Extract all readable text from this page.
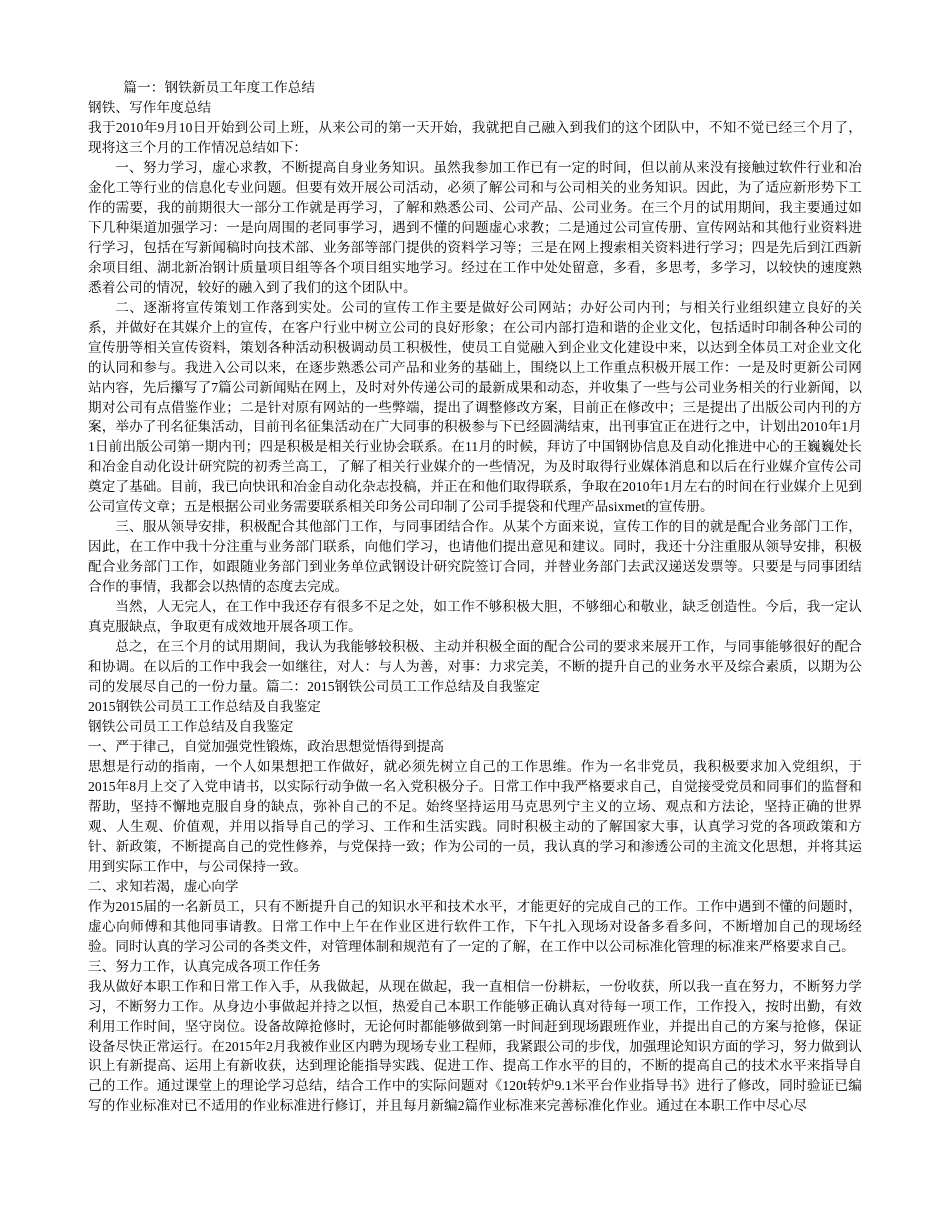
篇一：钢铁新员工年度工作总结

钢铁、写作年度总结

我于2010年9月10日开始到公司上班，从来公司的第一天开始，我就把自己融入到我们的这个团队中，不知不觉已经三个月了，现将这三个月的工作情况总结如下：

一、努力学习，虚心求教，不断提高自身业务知识。虽然我参加工作已有一定的时间，但以前从来没有接触过软件行业和冶金化工等行业的信息化专业问题。但要有效开展公司活动，必须了解公司和与公司相关的业务知识。因此，为了适应新形势下工作的需要，我的前期很大一部分工作就是再学习，了解和熟悉公司、公司产品、公司业务。在三个月的试用期间，我主要通过如下几种渠道加强学习：一是向周围的老同事学习，遇到不懂的问题虚心求教；二是通过公司宣传册、宣传网站和其他行业资料进行学习，包括在写新闻稿时向技术部、业务部等部门提供的资料学习等；三是在网上搜索相关资料进行学习；四是先后到江西新余项目组、湖北新冶钢计质量项目组等各个项目组实地学习。经过在工作中处处留意，多看，多思考，多学习，以较快的速度熟悉着公司的情况，较好的融入到了我们的这个团队中。

二、逐渐将宣传策划工作落到实处。公司的宣传工作主要是做好公司网站；办好公司内刊；与相关行业组织建立良好的关系，并做好在其媒介上的宣传，在客户行业中树立公司的良好形象；在公司内部打造和谐的企业文化，包括适时印制各种公司的宣传册等相关宣传资料，策划各种活动积极调动员工积极性，使员工自觉融入到企业文化建设中来，以达到全体员工对企业文化的认同和参与。我进入公司以来，在逐步熟悉公司产品和业务的基础上，围绕以上工作重点积极开展工作：一是及时更新公司网站内容，先后攥写了7篇公司新闻贴在网上，及时对外传递公司的最新成果和动态，并收集了一些与公司业务相关的行业新闻，以期对公司有点借鉴作业；二是针对原有网站的一些弊端，提出了调整修改方案，目前正在修改中；三是提出了出版公司内刊的方案，举办了刊名征集活动，目前刊名征集活动在广大同事的积极参与下已经圆满结束，出刊事宜正在进行之中，计划出2010年1月1日前出版公司第一期内刊；四是积极是相关行业协会联系。在11月的时候，拜访了中国钢协信息及自动化推进中心的王巍巍处长和冶金自动化设计研究院的初秀兰高工，了解了相关行业媒介的一些情况，为及时取得行业媒体消息和以后在行业媒介宣传公司奠定了基础。目前，我已向快讯和冶金自动化杂志投稿，并正在和他们取得联系，争取在2010年1月左右的时间在行业媒介上见到公司宣传文章；五是根据公司业务需要联系相关印务公司印制了公司手提袋和代理产品sixmet的宣传册。

三、服从领导安排，积极配合其他部门工作，与同事团结合作。从某个方面来说，宣传工作的目的就是配合业务部门工作，因此，在工作中我十分注重与业务部门联系，向他们学习，也请他们提出意见和建议。同时，我还十分注重服从领导安排，积极配合业务部门工作，如跟随业务部门到业务单位武钢设计研究院签订合同，并替业务部门去武汉递送发票等。只要是与同事团结合作的事情，我都会以热情的态度去完成。

当然，人无完人，在工作中我还存有很多不足之处，如工作不够积极大胆，不够细心和敬业，缺乏创造性。今后，我一定认真克服缺点，争取更有成效地开展各项工作。

总之，在三个月的试用期间，我认为我能够较积极、主动并积极全面的配合公司的要求来展开工作，与同事能够很好的配合和协调。在以后的工作中我会一如继往，对人：与人为善，对事：力求完美，不断的提升自己的业务水平及综合素质，以期为公司的发展尽自己的一份力量。篇二：2015钢铁公司员工工作总结及自我鉴定

2015钢铁公司员工工作总结及自我鉴定

钢铁公司员工工作总结及自我鉴定

一、严于律己，自觉加强党性锻炼，政治思想觉悟得到提高

思想是行动的指南，一个人如果想把工作做好，就必须先树立自己的工作思维。作为一名非党员，我积极要求加入党组织，于2015年8月上交了入党申请书，以实际行动争做一名入党积极分子。日常工作中我严格要求自己，自觉接受党员和同事们的监督和帮助，坚持不懈地克服自身的缺点，弥补自己的不足。始终坚持运用马克思列宁主义的立场、观点和方法论，坚持正确的世界观、人生观、价值观，并用以指导自己的学习、工作和生活实践。同时积极主动的了解国家大事，认真学习党的各项政策和方针、新政策，不断提高自己的党性修养，与党保持一致；作为公司的一员，我认真的学习和渗透公司的主流文化思想，并将其运用到实际工作中，与公司保持一致。

二、求知若渴，虚心向学

作为2015届的一名新员工，只有不断提升自己的知识水平和技术水平，才能更好的完成自己的工作。工作中遇到不懂的问题时，虚心向师傅和其他同事请教。日常工作中上午在作业区进行软件工作，下午扎入现场对设备多看多问，不断增加自己的现场经验。同时认真的学习公司的各类文件，对管理体制和规范有了一定的了解，在工作中以公司标准化管理的标准来严格要求自己。

三、努力工作，认真完成各项工作任务

我从做好本职工作和日常工作入手，从我做起，从现在做起，我一直相信一份耕耘，一份收获，所以我一直在努力，不断努力学习，不断努力工作。从身边小事做起并持之以恒，热爱自己本职工作能够正确认真对待每一项工作，工作投入，按时出勤，有效利用工作时间，坚守岗位。设备故障抢修时，无论何时都能够做到第一时间赶到现场跟班作业，并提出自己的方案与抢修，保证设备尽快正常运行。在2015年2月我被作业区内聘为现场专业工程师，我紧跟公司的步伐，加强理论知识方面的学习，努力做到认识上有新提高、运用上有新收获，达到理论能指导实践、促进工作、提高工作水平的目的，不断的提高自己的技术水平来指导自己的工作。通过课堂上的理论学习总结，结合工作中的实际问题对《120t转炉9.1米平台作业指导书》进行了修改，同时验证已编写的作业标准对已不适用的作业标准进行修订，并且每月新编2篇作业标准来完善标准化作业。通过在本职工作中尽心尽
